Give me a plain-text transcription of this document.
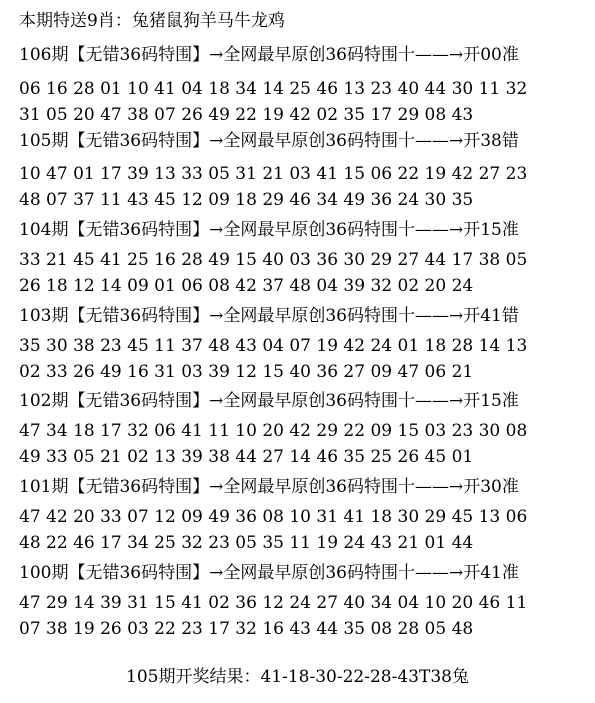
本期特送9肖：兔猪鼠狗羊马牛龙鸡
106期【无错36码特围】→全网最早原创36码特围十——→开00准
06 16 28 01 10 41 04 18 34 14 25 46 13 23 40 44 30 11 32
31 05 20 47 38 07 26 49 22 19 42 02 35 17 29 08 43
105期【无错36码特围】→全网最早原创36码特围十——→开38错
10 47 01 17 39 13 33 05 31 21 03 41 15 06 22 19 42 27 23
48 07 37 11 43 45 12 09 18 29 46 34 49 36 24 30 35
104期【无错36码特围】→全网最早原创36码特围十——→开15准
33 21 45 41 25 16 28 49 15 40 03 36 30 29 27 44 17 38 05
26 18 12 14 09 01 06 08 42 37 48 04 39 32 02 20 24
103期【无错36码特围】→全网最早原创36码特围十——→开41错
35 30 38 23 45 11 37 48 43 04 07 19 42 24 01 18 28 14 13
02 33 26 49 16 31 03 39 12 15 40 36 27 09 47 06 21
102期【无错36码特围】→全网最早原创36码特围十——→开15准
47 34 18 17 32 06 41 11 10 20 42 29 22 09 15 03 23 30 08
49 33 05 21 02 13 39 38 44 27 14 46 35 25 26 45 01
101期【无错36码特围】→全网最早原创36码特围十——→开30准
47 42 20 33 07 12 09 49 36 08 10 31 41 18 30 29 45 13 06
48 22 46 17 34 25 32 23 05 35 11 19 24 43 21 01 44
100期【无错36码特围】→全网最早原创36码特围十——→开41准
47 29 14 39 31 15 41 02 36 12 24 27 40 34 04 10 20 46 11
07 38 19 26 03 22 23 17 32 16 43 44 35 08 28 05 48
105期开奖结果：41-18-30-22-28-43T38兔
